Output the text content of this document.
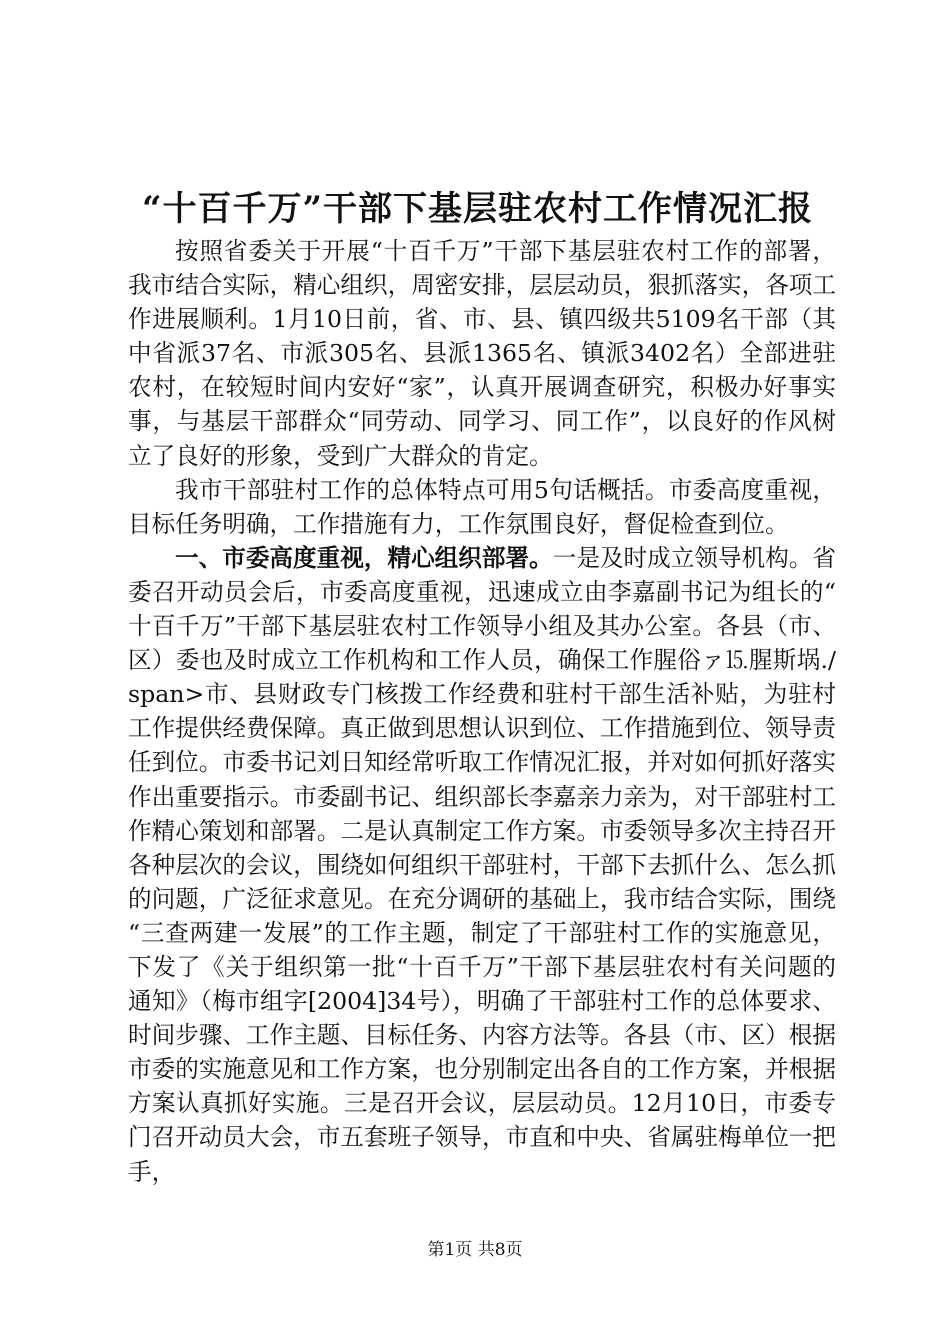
“十百千万”干部下基层驻农村工作情况汇报

按照省委关于开展“十百千万”干部下基层驻农村工作的部署，我市结合实际，精心组织，周密安排，层层动员，狠抓落实，各项工作进展顺利。1月10日前，省、市、县、镇四级共5109名干部（其中省派37名、市派305名、县派1365名、镇派3402名）全部进驻农村，在较短时间内安好“家”，认真开展调查研究，积极办好事实事，与基层干部群众“同劳动、同学习、同工作”，以良好的作风树立了良好的形象，受到广大群众的肯定。

我市干部驻村工作的总体特点可用5句话概括。市委高度重视，目标任务明确，工作措施有力，工作氛围良好，督促检查到位。

一、市委高度重视，精心组织部署。一是及时成立领导机构。省委召开动员会后，市委高度重视，迅速成立由李嘉副书记为组长的“十百千万”干部下基层驻农村工作领导小组及其办公室。各县（市、区）委也及时成立工作机构和工作人员，确保工作腥俗ァ⒖腥斯埚./span>市、县财政专门核拨工作经费和驻村干部生活补贴，为驻村工作提供经费保障。真正做到思想认识到位、工作措施到位、领导责任到位。市委书记刘日知经常听取工作情况汇报，并对如何抓好落实作出重要指示。市委副书记、组织部长李嘉亲力亲为，对干部驻村工作精心策划和部署。二是认真制定工作方案。市委领导多次主持召开各种层次的会议，围绕如何组织干部驻村，干部下去抓什么、怎么抓的问题，广泛征求意见。在充分调研的基础上，我市结合实际，围绕“三查两建一发展”的工作主题，制定了干部驻村工作的实施意见，下发了《关于组织第一批“十百千万”干部下基层驻农村有关问题的通知》（梅市组字[2004]34号），明确了干部驻村工作的总体要求、时间步骤、工作主题、目标任务、内容方法等。各县（市、区）根据市委的实施意见和工作方案，也分别制定出各自的工作方案，并根据方案认真抓好实施。三是召开会议，层层动员。12月10日，市委专门召开动员大会，市五套班子领导，市直和中央、省属驻梅单位一把手，

第1页 共8页
